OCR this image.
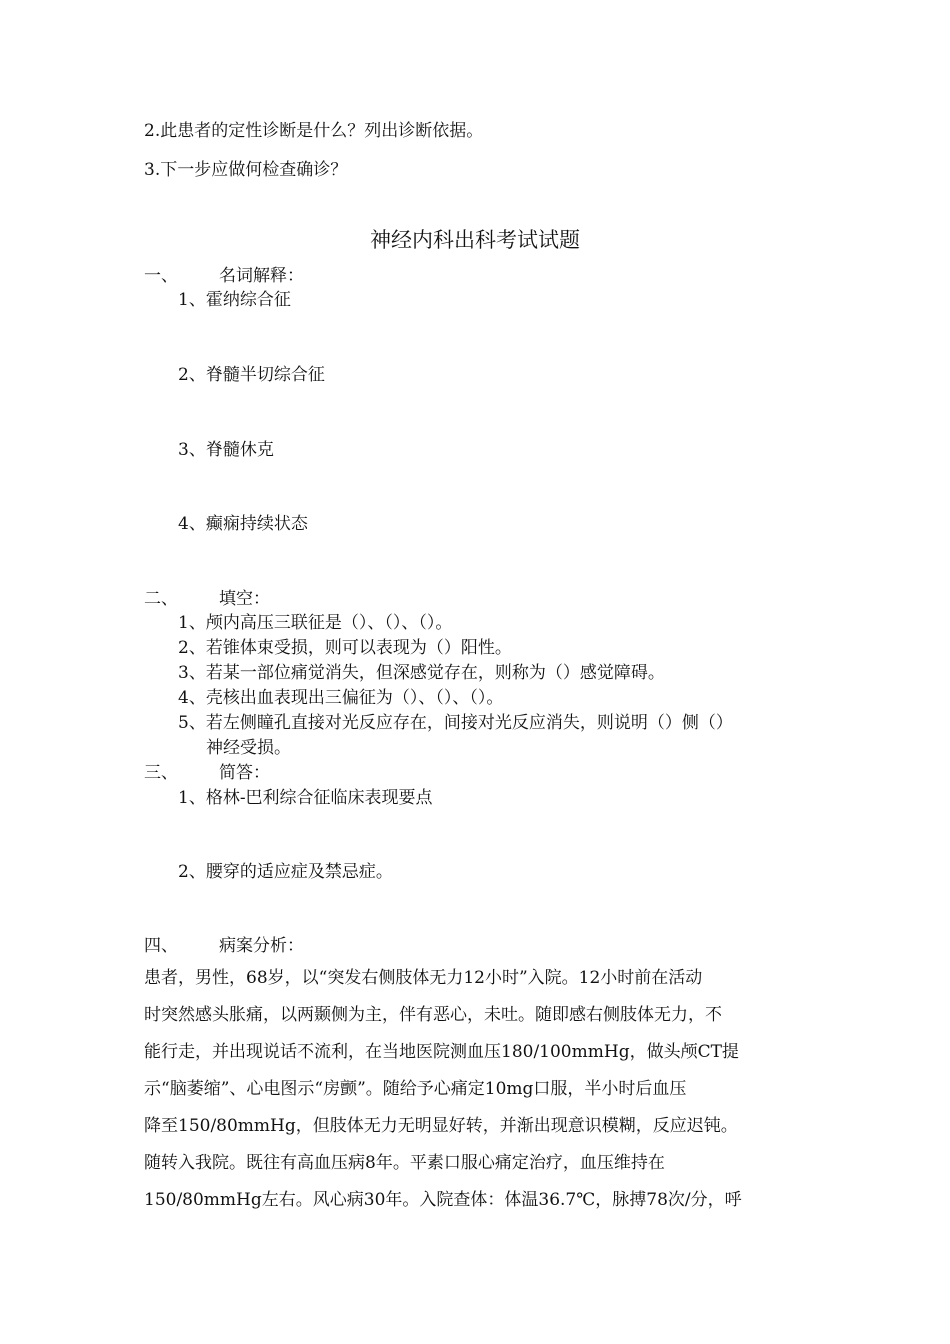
2.此患者的定性诊断是什么？列出诊断依据。
3.下一步应做何检查确诊？
神经内科出科考试试题
一、 名词解释：
1、霍纳综合征
2、脊髓半切综合征
3、脊髓休克
4、癫痫持续状态
二、 填空：
1、颅内高压三联征是（）、（）、（）。
2、若锥体束受损，则可以表现为（）阳性。
3、若某一部位痛觉消失，但深感觉存在，则称为（）感觉障碍。
4、壳核出血表现出三偏征为（）、（）、（）。
5、若左侧瞳孔直接对光反应存在，间接对光反应消失，则说明（）侧（）
神经受损。
三、 简答：
1、格林-巴利综合征临床表现要点
2、腰穿的适应症及禁忌症。
四、 病案分析：

患者，男性，68岁，以“突发右侧肢体无力12小时”入院。12小时前在活动

时突然感头胀痛，以两颞侧为主，伴有恶心，未吐。随即感右侧肢体无力，不

能行走，并出现说话不流利，在当地医院测血压180/100mmHg，做头颅CT提

示“脑萎缩”、心电图示“房颤”。随给予心痛定10mg口服，半小时后血压

降至150/80mmHg，但肢体无力无明显好转，并渐出现意识模糊，反应迟钝。

随转入我院。既往有高血压病8年。平素口服心痛定治疗，血压维持在

150/80mmHg左右。风心病30年。入院查体：体温36.7℃，脉搏78次/分，呼
